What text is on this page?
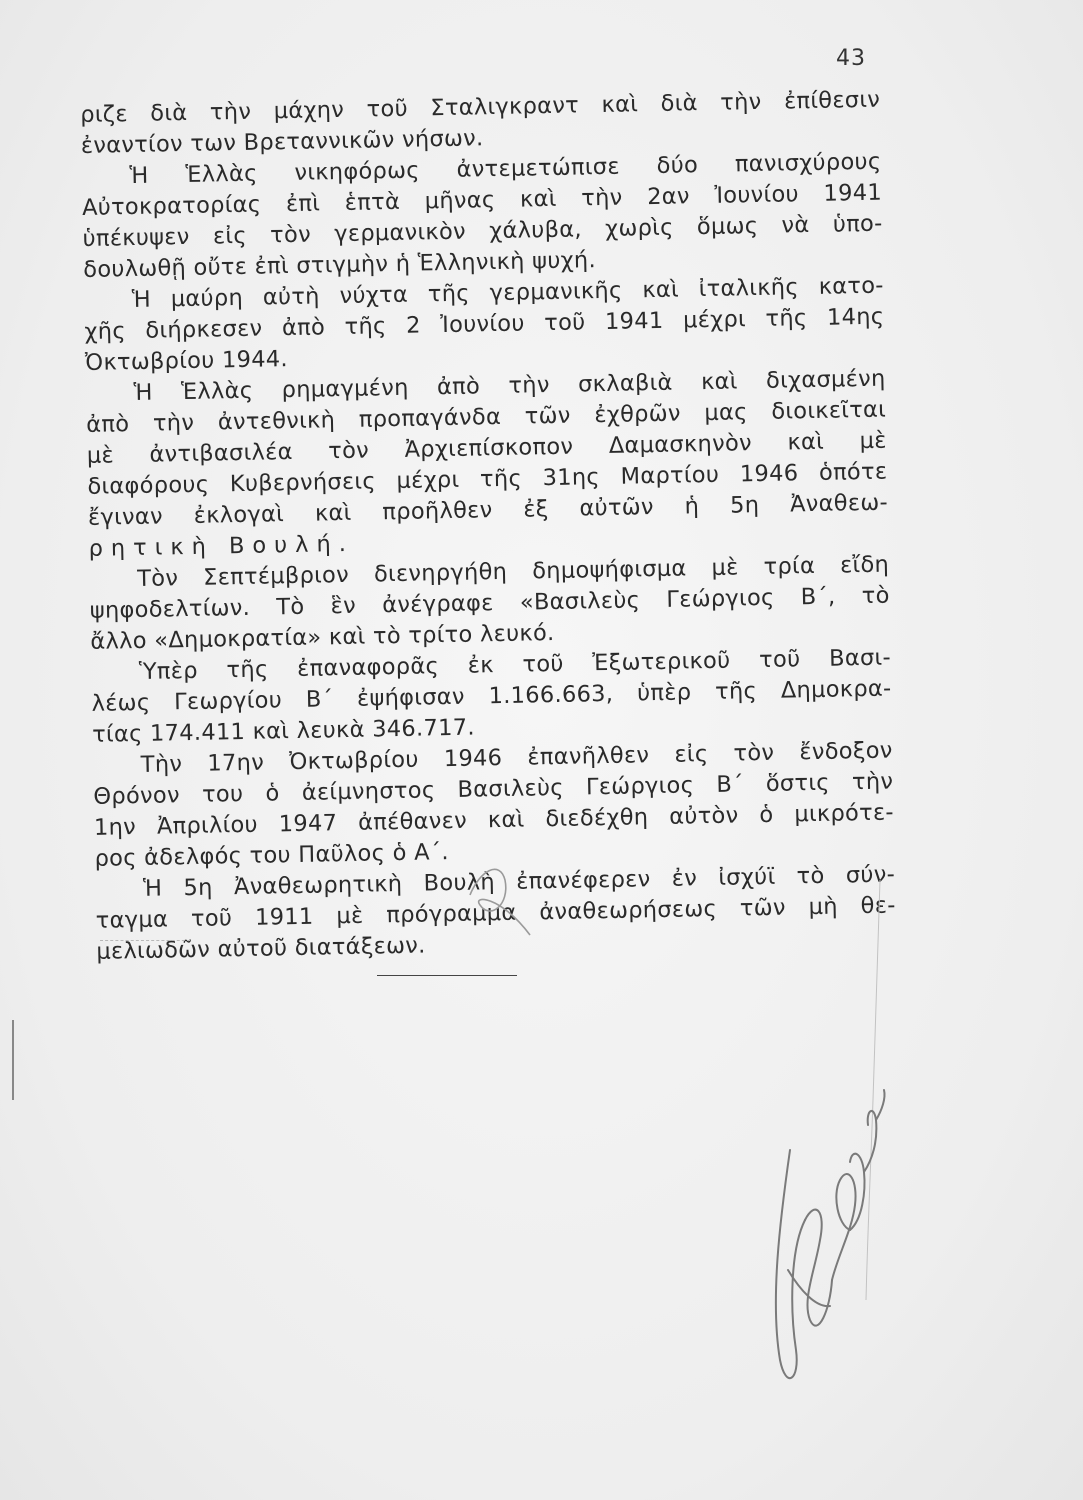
43
ριζε διὰ τὴν μάχην τοῦ Σταλιγκραντ καὶ διὰ τὴν ἐπίθεσιν
ἐναντίον των Βρεταννικῶν νήσων.
Ἡ Ἑλλὰς νικηφόρως ἀντεμετώπισε δύο πανισχύρους
Αὐτοκρατορίας ἐπὶ ἑπτὰ μῆνας καὶ τὴν 2αν Ἰουνίου 1941
ὑπέκυψεν εἰς τὸν γερμανικὸν χάλυβα, χωρὶς ὅμως νὰ ὑπο-
δουλωθῇ οὔτε ἐπὶ στιγμὴν ἡ Ἑλληνικὴ ψυχή.
Ἡ μαύρη αὐτὴ νύχτα τῆς γερμανικῆς καὶ ἰταλικῆς κατο-
χῆς διήρκεσεν ἀπὸ τῆς 2 Ἰουνίου τοῦ 1941 μέχρι τῆς 14ης
Ὀκτωβρίου 1944.
Ἡ Ἑλλὰς ρημαγμένη ἀπὸ τὴν σκλαβιὰ καὶ διχασμένη
ἀπὸ τὴν ἀντεθνικὴ προπαγάνδα τῶν ἐχθρῶν μας διοικεῖται
μὲ ἀντιβασιλέα τὸν Ἀρχιεπίσκοπον Δαμασκηνὸν καὶ μὲ
διαφόρους Κυβερνήσεις μέχρι τῆς 31ης Μαρτίου 1946 ὁπότε
ἔγιναν ἐκλογαὶ καὶ προῆλθεν ἐξ αὐτῶν ἡ 5η Ἀναθεω-
ρητικὴ Βουλή.
Τὸν Σεπτέμβριον διενηργήθη δημοψήφισμα μὲ τρία εἴδη
ψηφοδελτίων. Τὸ ἓν ἀνέγραφε «Βασιλεὺς Γεώργιος Β΄, τὸ
ἄλλο «Δημοκρατία» καὶ τὸ τρίτο λευκό.
Ὑπὲρ τῆς ἐπαναφορᾶς ἐκ τοῦ Ἐξωτερικοῦ τοῦ Βασι-
λέως Γεωργίου Β΄ ἐψήφισαν 1.166.663, ὑπὲρ τῆς Δημοκρα-
τίας 174.411 καὶ λευκὰ 346.717.
Τὴν 17ην Ὀκτωβρίου 1946 ἐπανῆλθεν εἰς τὸν ἔνδοξον
Θρόνον του ὁ ἀείμνηστος Βασιλεὺς Γεώργιος Β΄ ὅστις τὴν
1ην Ἀπριλίου 1947 ἀπέθανεν καὶ διεδέχθη αὐτὸν ὁ μικρότε-
ρος ἀδελφός του Παῦλος ὁ Α΄.
Ἡ 5η Ἀναθεωρητικὴ Βουλὴ ἐπανέφερεν ἐν ἰσχύϊ τὸ σύν-
ταγμα τοῦ 1911 μὲ πρόγραμμα ἀναθεωρήσεως τῶν μὴ θε-
μελιωδῶν αὐτοῦ διατάξεων.
